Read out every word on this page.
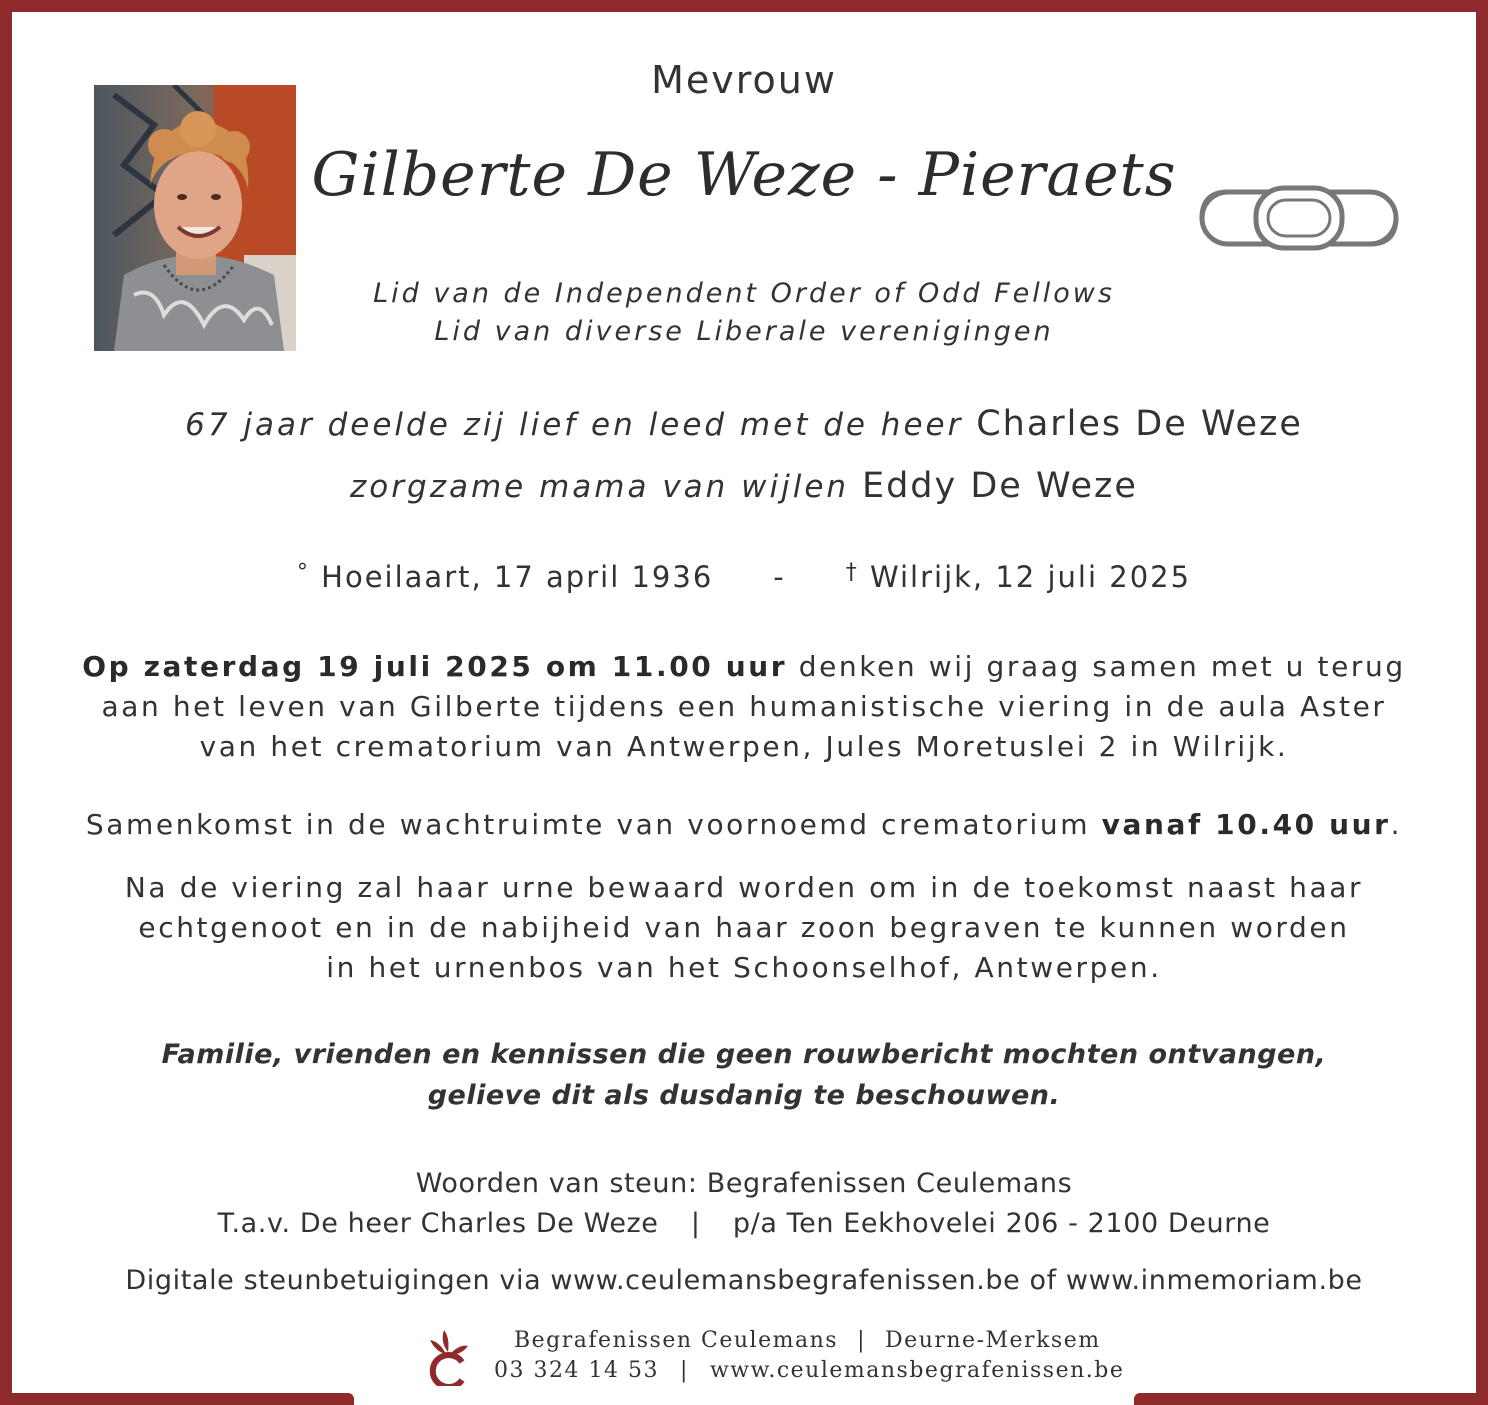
Mevrouw
Gilberte De Weze - Pieraets
Lid van de Independent Order of Odd Fellows
Lid van diverse Liberale verenigingen
67 jaar deelde zij lief en leed met de heer Charles De Weze
zorgzame mama van wijlen Eddy De Weze
° Hoeilaart, 17 april 1936 -	† Wilrijk, 12 juli 2025
Op zaterdag 19 juli 2025 om 11.00 uur denken wij graag samen met u terug
aan het leven van Gilberte tijdens een humanistische viering in de aula Aster
van het crematorium van Antwerpen, Jules Moretuslei 2 in Wilrijk.
Samenkomst in de wachtruimte van voornoemd crematorium vanaf 10.40 uur.
Na de viering zal haar urne bewaard worden om in de toekomst naast haar
echtgenoot en in de nabijheid van haar zoon begraven te kunnen worden
in het urnenbos van het Schoonselhof, Antwerpen.
Familie, vrienden en kennissen die geen rouwbericht mochten ontvangen,
gelieve dit als dusdanig te beschouwen.
Woorden van steun: Begrafenissen Ceulemans
T.a.v. De heer Charles De Weze | p/a Ten Eekhovelei 206 - 2100 Deurne
Digitale steunbetuigingen via www.ceulemansbegrafenissen.be of www.inmemoriam.be
Begrafenissen Ceulemans | Deurne-Merksem
03 324 14 53 | www.ceulemansbegrafenissen.be
